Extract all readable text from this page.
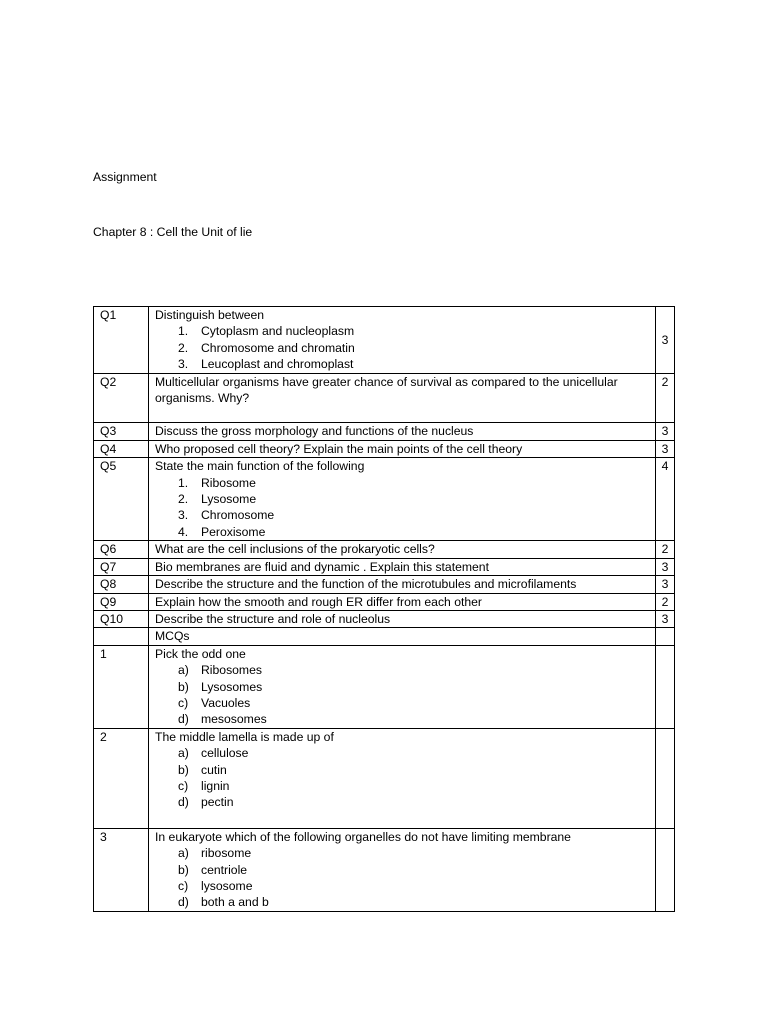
Assignment
Chapter 8 : Cell the Unit of lie
Q1	Distinguish between
1. Cytoplasm and nucleoplasm
2. Chromosome and chromatin
3. Leucoplast and chromoplast	3
Q2	Multicellular organisms have greater chance of survival as compared to the unicellular organisms. Why?	2
Q3	Discuss the gross morphology and functions of the nucleus	3
Q4	Who proposed cell theory? Explain the main points of the cell theory	3
Q5	State the main function of the following
1. Ribosome
2. Lysosome
3. Chromosome
4. Peroxisome	4
Q6	What are the cell inclusions of the prokaryotic cells?	2
Q7	Bio membranes are fluid and dynamic . Explain this statement	3
Q8	Describe the structure and the function of the microtubules and microfilaments	3
Q9	Explain how the smooth and rough ER differ from each other	2
Q10	Describe the structure and role of nucleolus	3
	MCQs	
1	Pick the odd one
a) Ribosomes
b) Lysosomes
c) Vacuoles
d) mesosomes	

2	The middle lamella is made up of
a) cellulose
b) cutin
c) lignin
d) pectin	

3	In eukaryote which of the following organelles do not have limiting membrane
a) ribosome
b) centriole
c) lysosome
d) both a and b	
